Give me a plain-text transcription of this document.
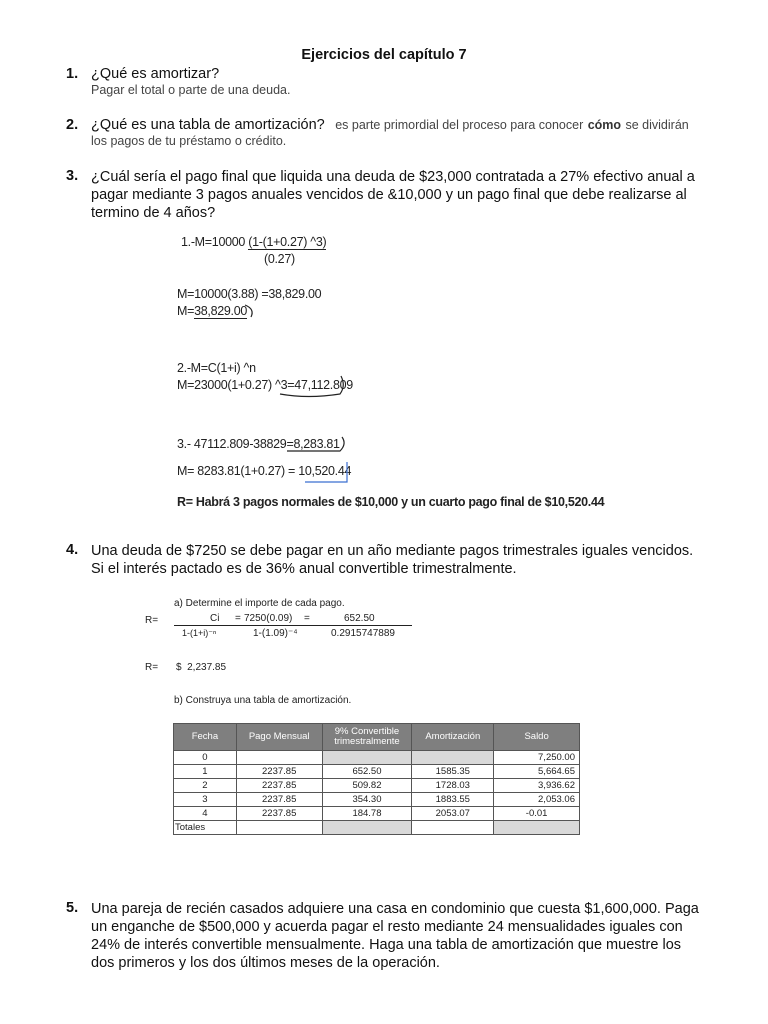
Ejercicios del capítulo 7
1. ¿Qué es amortizar?
Pagar el total o parte de una deuda.
2. ¿Qué es una tabla de amortización? es parte primordial del proceso para conocer cómo se dividirán
los pagos de tu préstamo o crédito.
3. ¿Cuál sería el pago final que liquida una deuda de $23,000 contratada a 27% efectivo anual a
pagar mediante 3 pagos anuales vencidos de &10,000 y un pago final que debe realizarse al
termino de 4 años?
1.-M=10000 (1-(1+0.27) ^3)
(0.27)
M=10000(3.88) =38,829.00
M=38,829.00
2.-M=C(1+i) ^n
M=23000(1+0.27) ^3=47,112.809
3.- 47112.809-38829=8,283.81
M= 8283.81(1+0.27) = 10,520.44
R= Habrá 3 pagos normales de $10,000 y un cuarto pago final de $10,520.44
4. Una deuda de $7250 se debe pagar en un año mediante pagos trimestrales iguales vencidos.
Si el interés pactado es de 36% anual convertible trimestralmente.
a) Determine el importe de cada pago.
R=	Ci = 7250(0.09) =	652.50
1-(1+i)⁻ⁿ	1-(1.09)⁻⁴	0.2915747889
R= $  2,237.85
b) Construya una tabla de amortización.
Fecha	Pago Mensual	9% Convertible trimestralmente	Amortización	Saldo
0				7,250.00
1	2237.85	652.50	1585.35	5,664.65
2	2237.85	509.82	1728.03	3,936.62
3	2237.85	354.30	1883.55	2,053.06
4	2237.85	184.78	2053.07	-0.01
Totales				
5. Una pareja de recién casados adquiere una casa en condominio que cuesta $1,600,000. Paga
un enganche de $500,000 y acuerda pagar el resto mediante 24 mensualidades iguales con
24% de interés convertible mensualmente. Haga una tabla de amortización que muestre los
dos primeros y los dos últimos meses de la operación.
